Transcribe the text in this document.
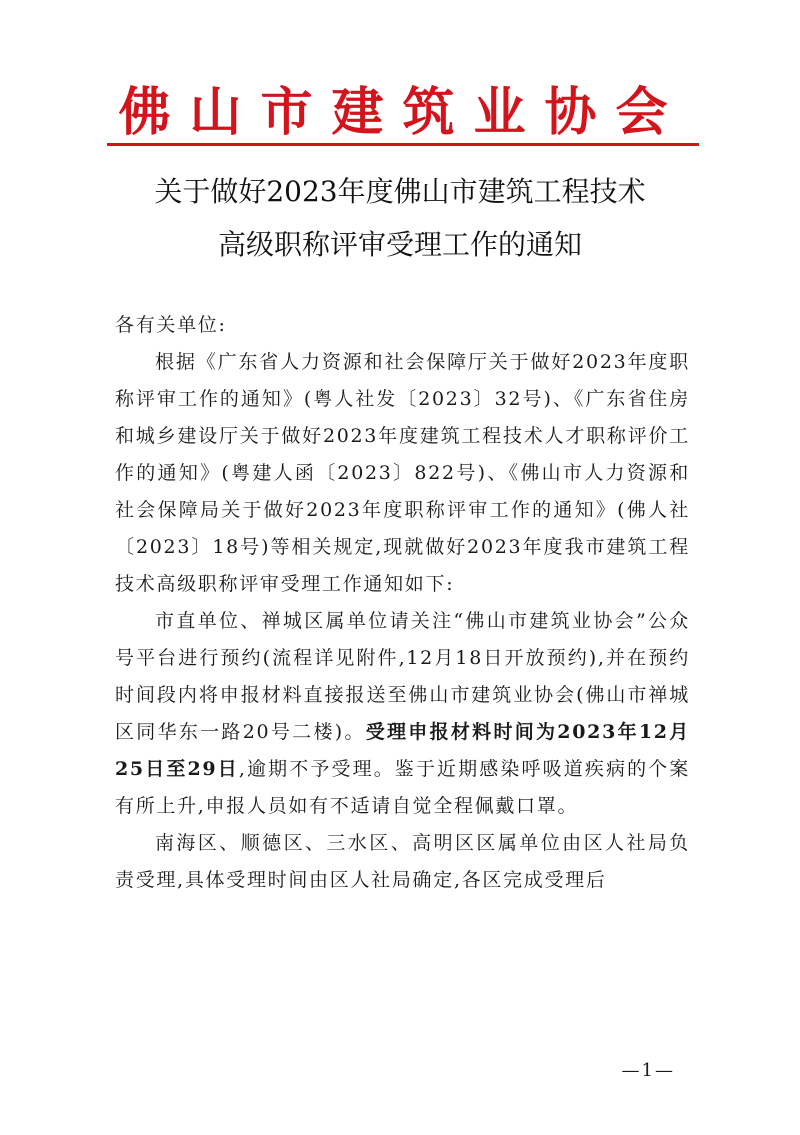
佛山市建筑业协会
关于做好2023年度佛山市建筑工程技术
高级职称评审受理工作的通知

各有关单位:

根据《广东省人力资源和社会保障厅关于做好2023年度职称评审工作的通知》(粤人社发〔2023〕32号)、《广东省住房和城乡建设厅关于做好2023年度建筑工程技术人才职称评价工作的通知》(粤建人函〔2023〕822号)、《佛山市人力资源和社会保障局关于做好2023年度职称评审工作的通知》(佛人社〔2023〕18号)等相关规定,现就做好2023年度我市建筑工程技术高级职称评审受理工作通知如下:

市直单位、禅城区属单位请关注“佛山市建筑业协会”公众号平台进行预约(流程详见附件,12月18日开放预约),并在预约时间段内将申报材料直接报送至佛山市建筑业协会(佛山市禅城区同华东一路20号二楼)。受理申报材料时间为2023年12月25日至29日,逾期不予受理。鉴于近期感染呼吸道疾病的个案有所上升,申报人员如有不适请自觉全程佩戴口罩。

南海区、顺德区、三水区、高明区区属单位由区人社局负责受理,具体受理时间由区人社局确定,各区完成受理后

—1—
